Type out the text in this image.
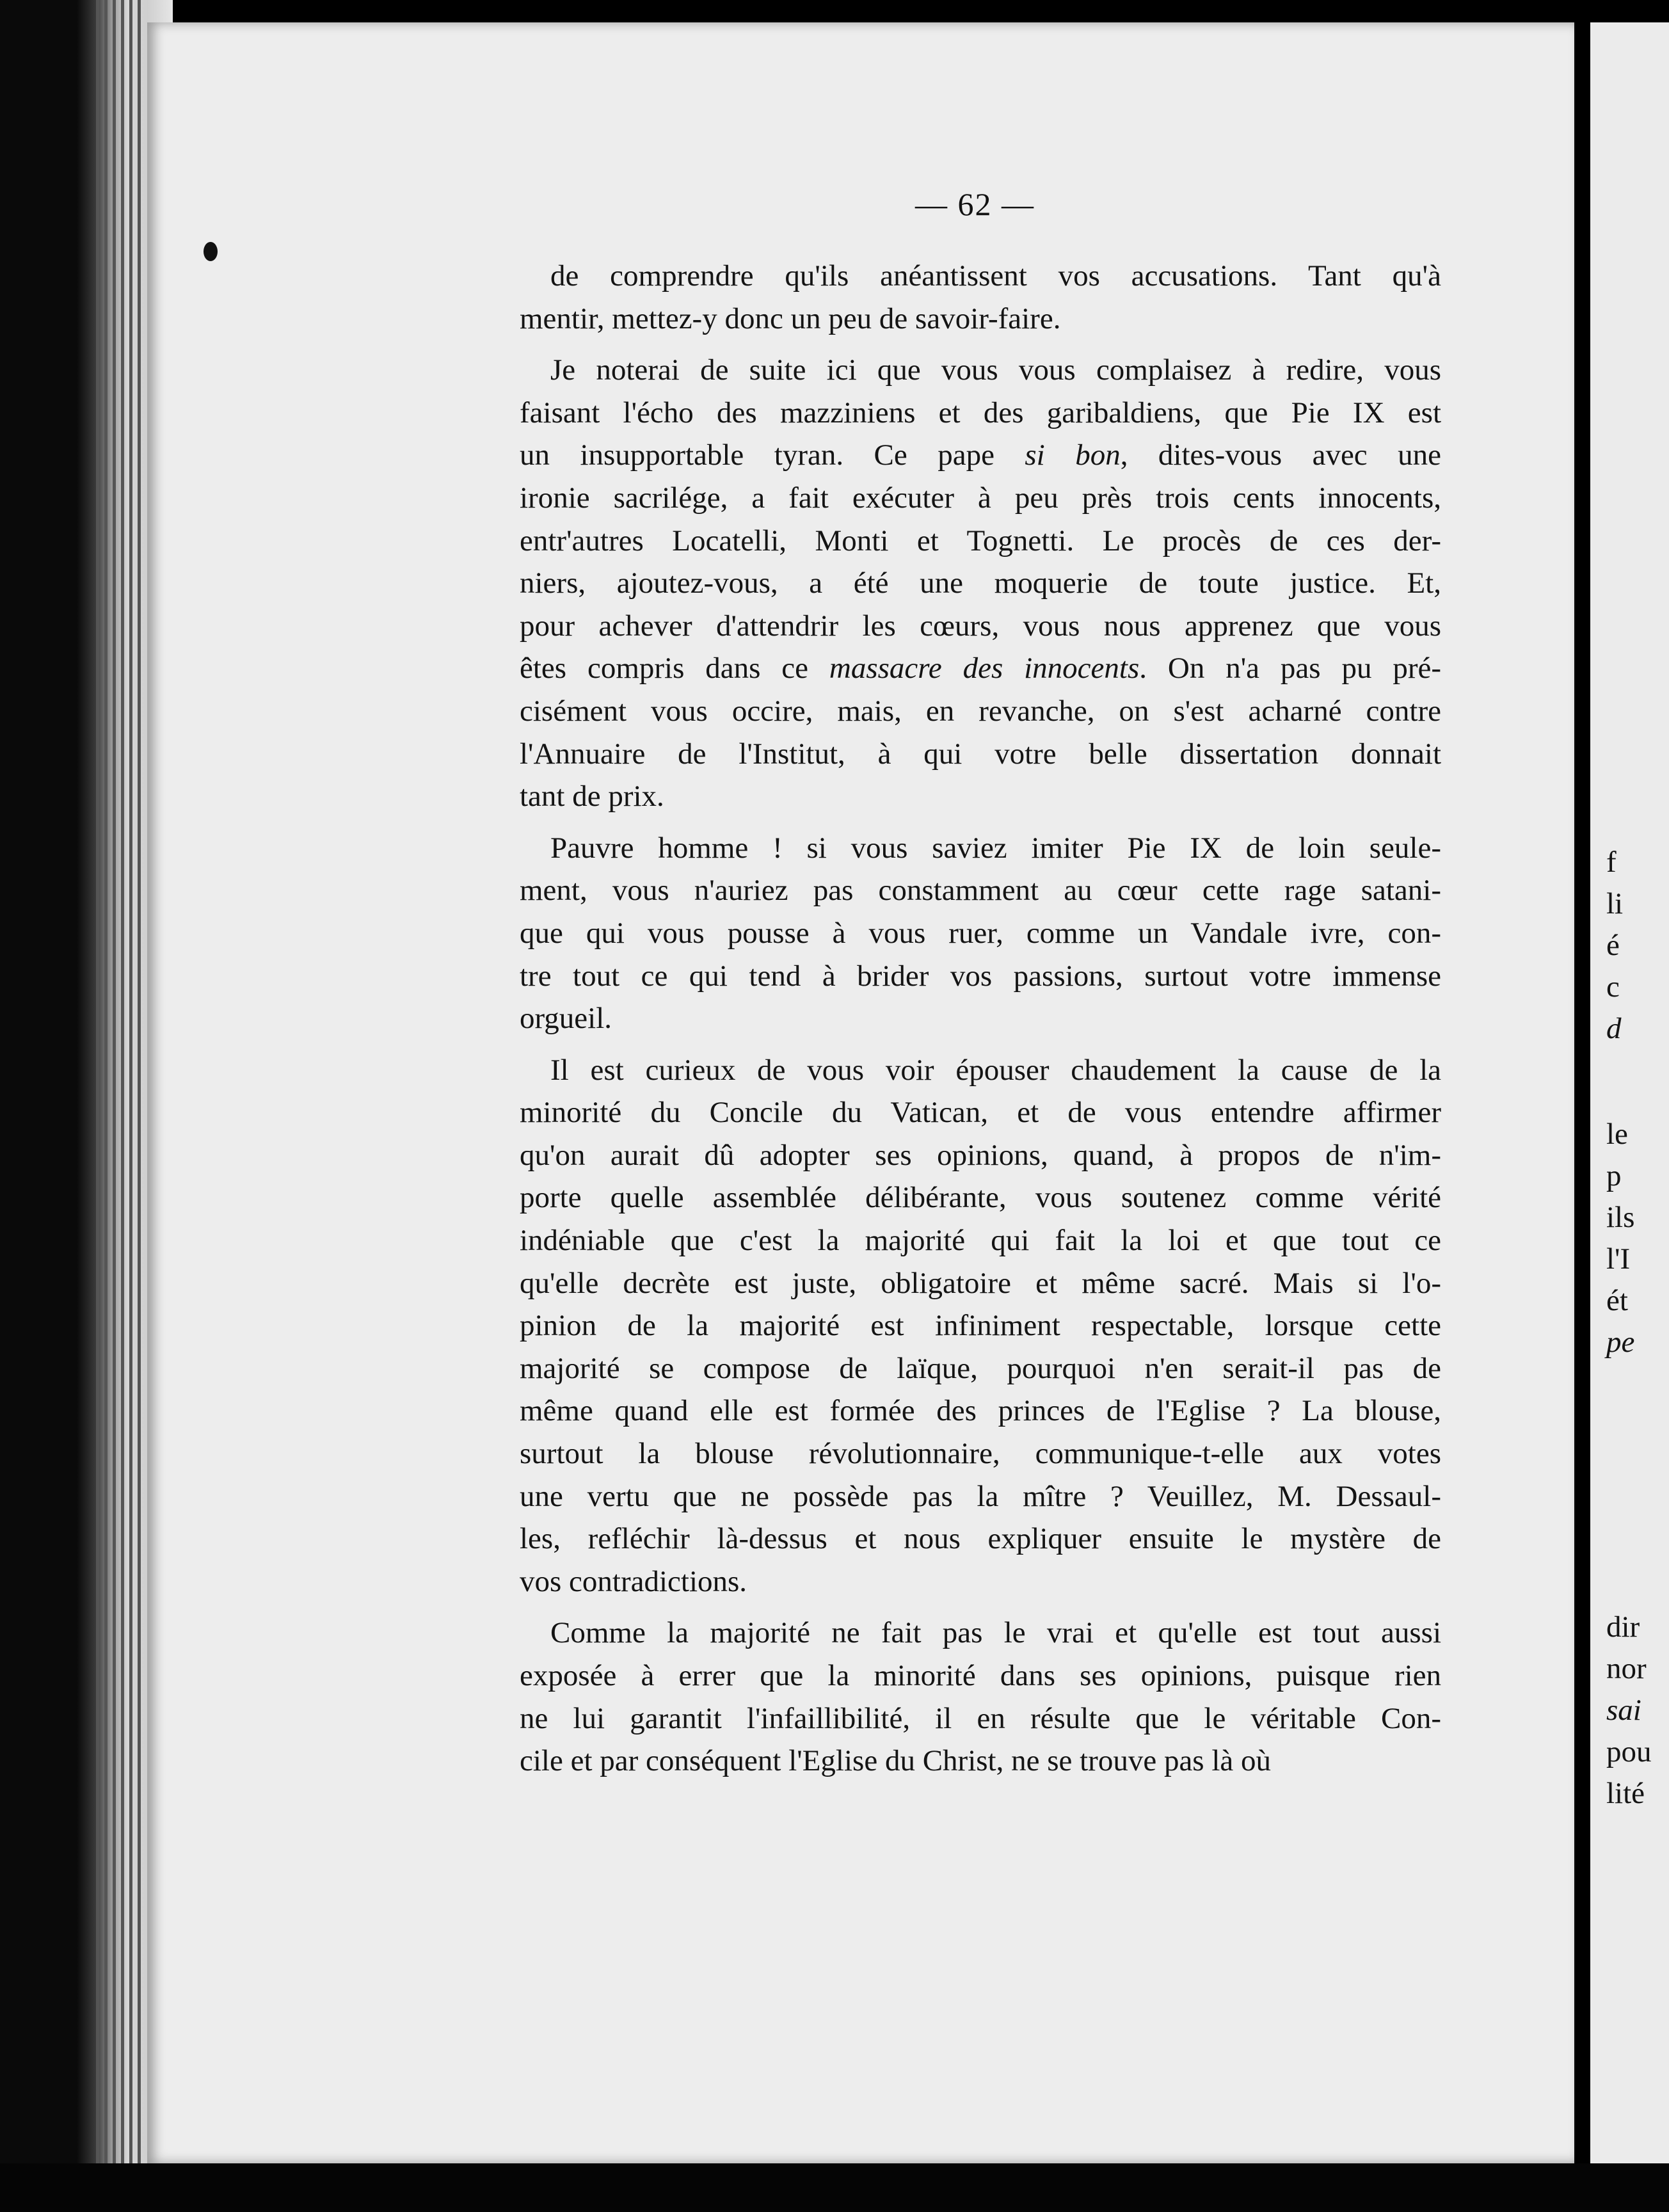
— 62 —
de comprendre qu'ils anéantissent vos accusations. Tant qu'à
mentir, mettez-y donc un peu de savoir-faire.
Je noterai de suite ici que vous vous complaisez à redire, vous
faisant l'écho des mazziniens et des garibaldiens, que Pie IX est
un insupportable tyran. Ce pape si bon, dites-vous avec une
ironie sacrilége, a fait exécuter à peu près trois cents innocents,
entr'autres Locatelli, Monti et Tognetti. Le procès de ces der-
niers, ajoutez-vous, a été une moquerie de toute justice. Et,
pour achever d'attendrir les cœurs, vous nous apprenez que vous
êtes compris dans ce massacre des innocents. On n'a pas pu pré-
cisément vous occire, mais, en revanche, on s'est acharné contre
l'Annuaire de l'Institut, à qui votre belle dissertation donnait
tant de prix.
Pauvre homme ! si vous saviez imiter Pie IX de loin seule-
ment, vous n'auriez pas constamment au cœur cette rage satani-
que qui vous pousse à vous ruer, comme un Vandale ivre, con-
tre tout ce qui tend à brider vos passions, surtout votre immense
orgueil.
Il est curieux de vous voir épouser chaudement la cause de la
minorité du Concile du Vatican, et de vous entendre affirmer
qu'on aurait dû adopter ses opinions, quand, à propos de n'im-
porte quelle assemblée délibérante, vous soutenez comme vérité
indéniable que c'est la majorité qui fait la loi et que tout ce
qu'elle decrète est juste, obligatoire et même sacré. Mais si l'o-
pinion de la majorité est infiniment respectable, lorsque cette
majorité se compose de laïque, pourquoi n'en serait-il pas de
même quand elle est formée des princes de l'Eglise ? La blouse,
surtout la blouse révolutionnaire, communique-t-elle aux votes
une vertu que ne possède pas la mître ? Veuillez, M. Dessaul-
les, refléchir là-dessus et nous expliquer ensuite le mystère de
vos contradictions.
Comme la majorité ne fait pas le vrai et qu'elle est tout aussi
exposée à errer que la minorité dans ses opinions, puisque rien
ne lui garantit l'infaillibilité, il en résulte que le véritable Con-
cile et par conséquent l'Eglise du Christ, ne se trouve pas là où
f
li
é
c
d
le
p
ils
l'I
ét
pe
dir
nor
sai
pou
lité
